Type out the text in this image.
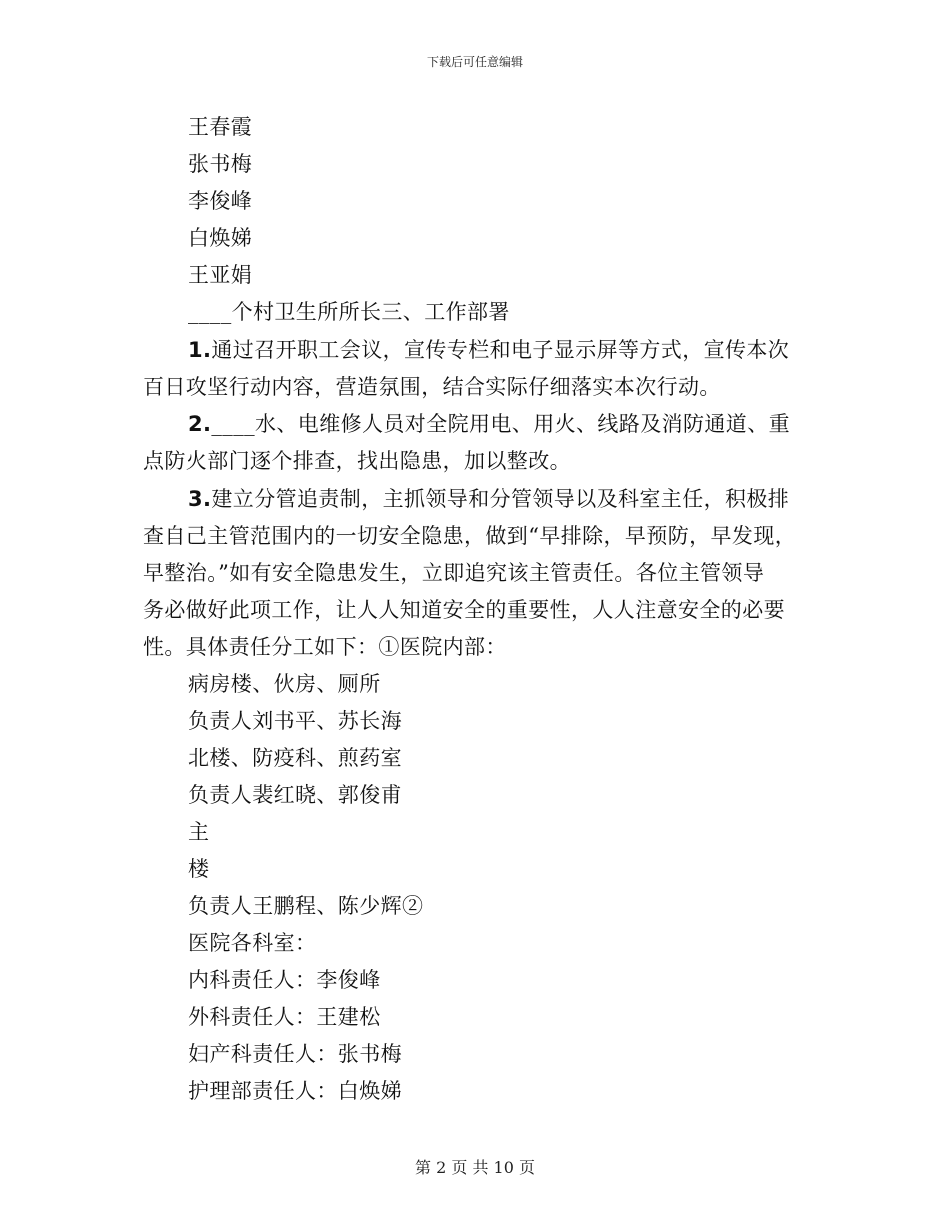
下载后可任意编辑
王春霞
张书梅
李俊峰
白焕娣
王亚娟
____个村卫生所所长三、工作部署
1.通过召开职工会议，宣传专栏和电子显示屏等方式，宣传本次
百日攻坚行动内容，营造氛围，结合实际仔细落实本次行动。
2.____水、电维修人员对全院用电、用火、线路及消防通道、重
点防火部门逐个排查，找出隐患，加以整改。
3.建立分管追责制，主抓领导和分管领导以及科室主任，积极排
查自己主管范围内的一切安全隐患，做到“早排除，早预防，早发现，
早整治。”如有安全隐患发生，立即追究该主管责任。各位主管领导
务必做好此项工作，让人人知道安全的重要性，人人注意安全的必要
性。具体责任分工如下：①医院内部：
病房楼、伙房、厕所
负责人刘书平、苏长海
北楼、防疫科、煎药室
负责人裴红晓、郭俊甫
主
楼
负责人王鹏程、陈少辉②
医院各科室：
内科责任人：李俊峰
外科责任人：王建松
妇产科责任人：张书梅
护理部责任人：白焕娣
第 2 页 共 10 页
